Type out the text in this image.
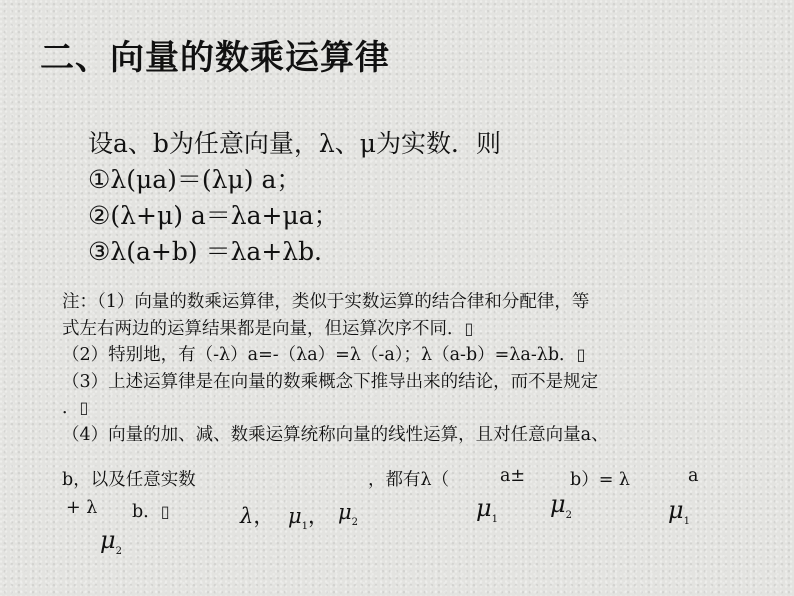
二、向量的数乘运算律
设a、b为任意向量，λ、μ为实数．则
①λ(μa)＝(λμ) a；
②(λ+μ) a＝λa+μa；
③λ(a+b) ＝λa+λb．
注：（1）向量的数乘运算律，类似于实数运算的结合律和分配律，等
式左右两边的运算结果都是向量，但运算次序不同．▯
（2）特别地，有（-λ）a=-（λa）=λ（-a）；λ（a-b）=λa-λb．▯
（3）上述运算律是在向量的数乘概念下推导出来的结论，而不是规定
．▯
（4）向量的加、减、数乘运算统称向量的线性运算，且对任意向量a、
b，以及任意实数	，都有λ（	a±	b）= λ	a
+ λ b．▯	λ， $\mu_1$， $\mu_2$
$\mu_1$
$\mu_2$	$\mu_1$
$\mu_2$
